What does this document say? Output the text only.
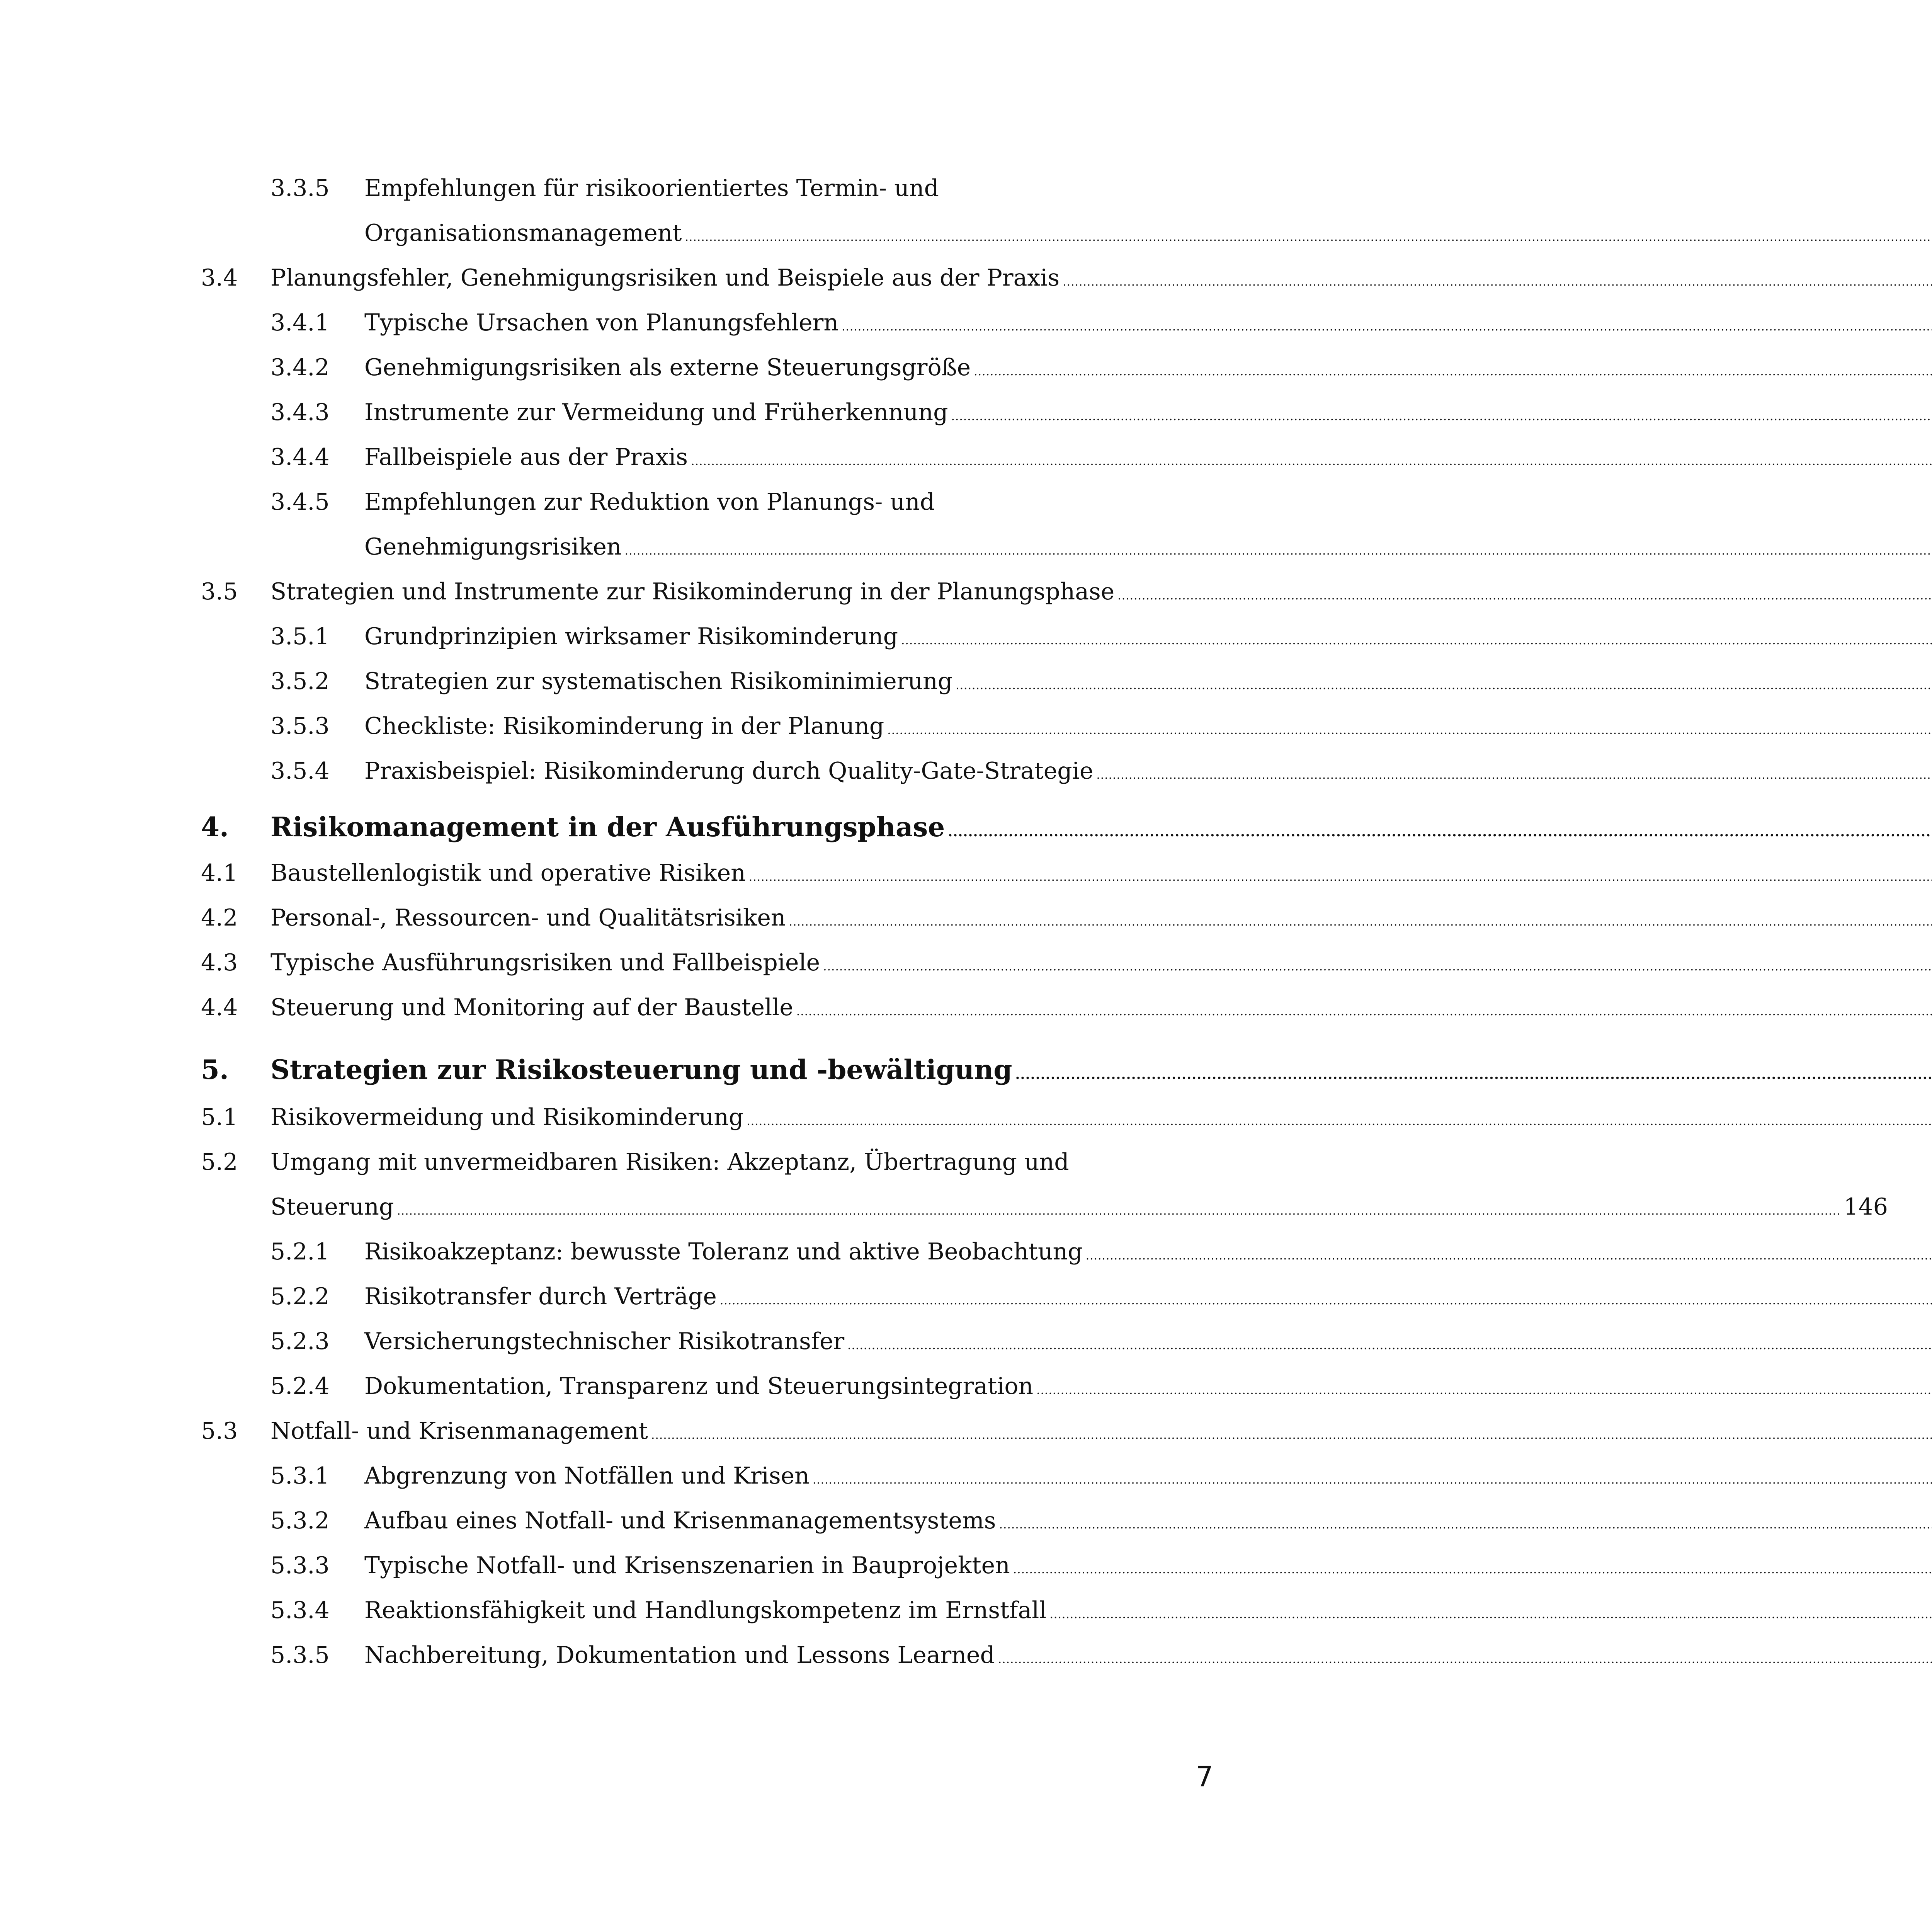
3.3.5	Empfehlungen für risikoorientiertes Termin- und
Organisationsmanagement
.....
3.4	Planungsfehler, Genehmigungsrisiken und Beispiele aus der Praxis
.....
3.4.1	Typische Ursachen von Planungsfehlern
.....
3.4.2	Genehmigungsrisiken als externe Steuerungsgröße
.....
3.4.3	Instrumente zur Vermeidung und Früherkennung
.....
3.4.4	Fallbeispiele aus der Praxis
.....
3.4.5	Empfehlungen zur Reduktion von Planungs- und
Genehmigungsrisiken
.....
3.5	Strategien und Instrumente zur Risikominderung in der Planungsphase
.....
3.5.1	Grundprinzipien wirksamer Risikominderung
.....
3.5.2	Strategien zur systematischen Risikominimierung
.....
3.5.3	Checkliste: Risikominderung in der Planung
.....
3.5.4	Praxisbeispiel: Risikominderung durch Quality-Gate-Strategie
.....
4.	Risikomanagement in der Ausführungsphase
.....
4.1	Baustellenlogistik und operative Risiken
.....
4.2	Personal-, Ressourcen- und Qualitätsrisiken
.....
4.3	Typische Ausführungsrisiken und Fallbeispiele
.....
4.4	Steuerung und Monitoring auf der Baustelle
.....
5.	Strategien zur Risikosteuerung und -bewältigung
.....
5.1	Risikovermeidung und Risikominderung
.....
5.2	Umgang mit unvermeidbaren Risiken: Akzeptanz, Übertragung und
Steuerung .....	146
5.2.1	Risikoakzeptanz: bewusste Toleranz und aktive Beobachtung
.....
5.2.2	Risikotransfer durch Verträge
.....
5.2.3	Versicherungstechnischer Risikotransfer
.....
5.2.4	Dokumentation, Transparenz und Steuerungsintegration
.....
5.3	Notfall- und Krisenmanagement
.....
5.3.1	Abgrenzung von Notfällen und Krisen
.....
5.3.2	Aufbau eines Notfall- und Krisenmanagementsystems
.....
5.3.3	Typische Notfall- und Krisenszenarien in Bauprojekten
.....
5.3.4	Reaktionsfähigkeit und Handlungskompetenz im Ernstfall
.....
5.3.5	Nachbereitung, Dokumentation und Lessons Learned
.....
7
